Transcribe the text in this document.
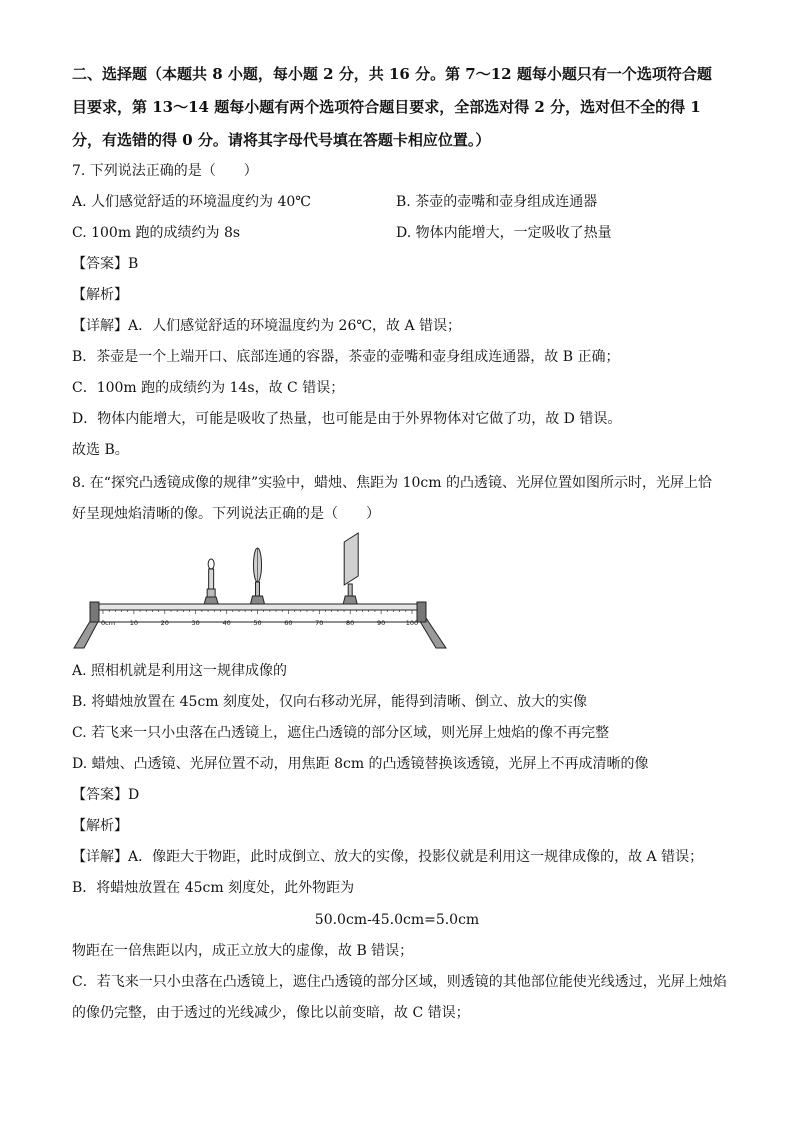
二、选择题（本题共 8 小题，每小题 2 分，共 16 分。第 7～12 题每小题只有一个选项符合题
目要求，第 13～14 题每小题有两个选项符合题目要求，全部选对得 2 分，选对但不全的得 1
分，有选错的得 0 分。请将其字母代号填在答题卡相应位置。）
7. 下列说法正确的是（　　）
A. 人们感觉舒适的环境温度约为 40℃	B. 茶壶的壶嘴和壶身组成连通器
C. 100m 跑的成绩约为 8s	D. 物体内能增大，一定吸收了热量
【答案】B
【解析】
【详解】A．人们感觉舒适的环境温度约为 26℃，故 A 错误；
B．茶壶是一个上端开口、底部连通的容器，茶壶的壶嘴和壶身组成连通器，故 B 正确；
C．100m 跑的成绩约为 14s，故 C 错误；
D．物体内能增大，可能是吸收了热量，也可能是由于外界物体对它做了功，故 D 错误。
故选 B。
8. 在“探究凸透镜成像的规律”实验中，蜡烛、焦距为 10cm 的凸透镜、光屏位置如图所示时，光屏上恰
好呈现烛焰清晰的像。下列说法正确的是（　　）
0cm 10	20	30	40	50	60	70	80	90	100
A. 照相机就是利用这一规律成像的
B. 将蜡烛放置在 45cm 刻度处，仅向右移动光屏，能得到清晰、倒立、放大的实像
C. 若飞来一只小虫落在凸透镜上，遮住凸透镜的部分区域，则光屏上烛焰的像不再完整
D. 蜡烛、凸透镜、光屏位置不动，用焦距 8cm 的凸透镜替换该透镜，光屏上不再成清晰的像
【答案】D
【解析】
【详解】A．像距大于物距，此时成倒立、放大的实像，投影仪就是利用这一规律成像的，故 A 错误；
B．将蜡烛放置在 45cm 刻度处，此外物距为
50.0cm-45.0cm=5.0cm
物距在一倍焦距以内，成正立放大的虚像，故 B 错误；
C．若飞来一只小虫落在凸透镜上，遮住凸透镜的部分区域，则透镜的其他部位能使光线透过，光屏上烛焰
的像仍完整，由于透过的光线减少，像比以前变暗，故 C 错误；
